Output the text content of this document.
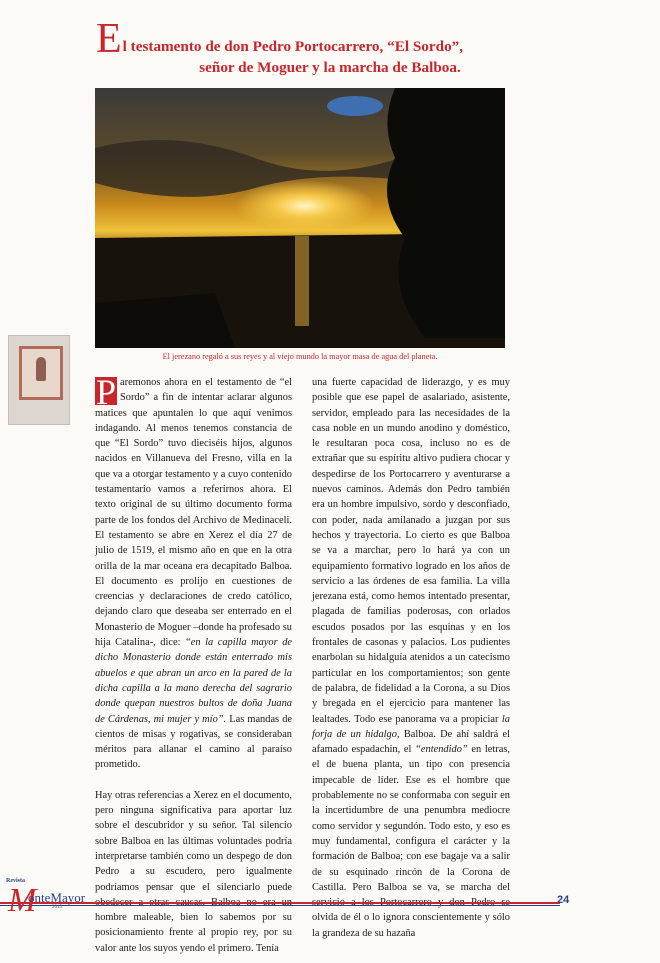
E l testamento de don Pedro Portocarrero, “El Sordo”,
señor de Moguer y la marcha de Balboa.
El jerezano regaló a sus reyes y al viejo mundo la mayor masa de agua del planeta.

P aremonos ahora en el testamento de “el Sordo” a fin de intentar aclarar algunos matices que apuntalen lo que aquí venimos indagando. Al menos tenemos constancia de que “El Sordo” tuvo dieciséis hijos, algunos nacidos en Villanueva del Fresno, villa en la que va a otorgar testamento y a cuyo contenido testamentario vamos a referirnos ahora. El texto original de su último documento forma parte de los fondos del Archivo de Medinaceli. El testamento se abre en Xerez el día 27 de julio de 1519, el mismo año en que en la otra orilla de la mar oceana era decapitado Balboa. El documento es prolijo en cuestiones de creencias y declaraciones de credo católico, dejando claro que deseaba ser enterrado en el Monasterio de Moguer –donde ha profesado su hija Catalina-, dice: “en la capilla mayor de dicho Monasterio donde están enterrado mis abuelos e que abran un arco en la pared de la dicha capilla a la mano derecha del sagrario donde quepan nuestros bultos de doña Juana de Cárdenas, mi mujer y mío”. Las mandas de cientos de misas y rogativas, se consideraban méritos para allanar el camino al paraíso prometido.

Hay otras referencias a Xerez en el documento, pero ninguna significativa para aportar luz sobre el descubridor y su señor. Tal silencio sobre Balboa en las últimas voluntades podría interpretarse también como un despego de don Pedro a su escudero, pero igualmente podríamos pensar que el silenciarlo puede hombre maleable, bien lo sabemos por su posicionamiento frente al propio rey, por su valor ante los suyos yendo el primero. Tenía

una fuerte capacidad de liderazgo, y es muy posible que ese papel de asalariado, asistente, servidor, empleado para las necesidades de la casa noble en un mundo anodino y doméstico, le resultaran poca cosa, incluso no es de extrañar que su espíritu altivo pudiera chocar y despedirse de los Portocarrero y aventurarse a nuevos caminos. Además don Pedro también era un hombre impulsivo, sordo y desconfiado, con poder, nada amilanado a juzgan por sus hechos y trayectoria. Lo cierto es que Balboa se va a marchar, pero lo hará ya con un equipamiento formativo logrado en los años de servicio a las órdenes de esa familia. La villa jerezana está, como hemos intentado presentar, plagada de familias poderosas, con orlados escudos posados por las esquinas y en los frontales de casonas y palacios. Los pudientes enarbolan su hidalguía atenidos a un catecismo particular en los comportamientos; son gente de palabra, de fidelidad a la Corona, a su Dios y bregada en el ejercicio para mantener las lealtades. Todo ese panorama va a propiciar la forja de un hidalgo, Balboa. De ahí saldrá el afamado espadachín, el “entendido” en letras, el de buena planta, un tipo con presencia impecable de líder. Ese es el hombre que probablemente no se conformaba con seguir en la incertidumbre de una penumbra mediocre como servidor y segundón. Todo esto, y eso es muy fundamental, configura el carácter y la formación de Balboa; con ese bagaje va a salir de su esquinado rincón de la Corona de Castilla. Pero Balboa se va, se marcha del olvida de él o lo ignora conscientemente y sólo la grandeza de su hazaña

Revista
M
onteMayor
2015
24
